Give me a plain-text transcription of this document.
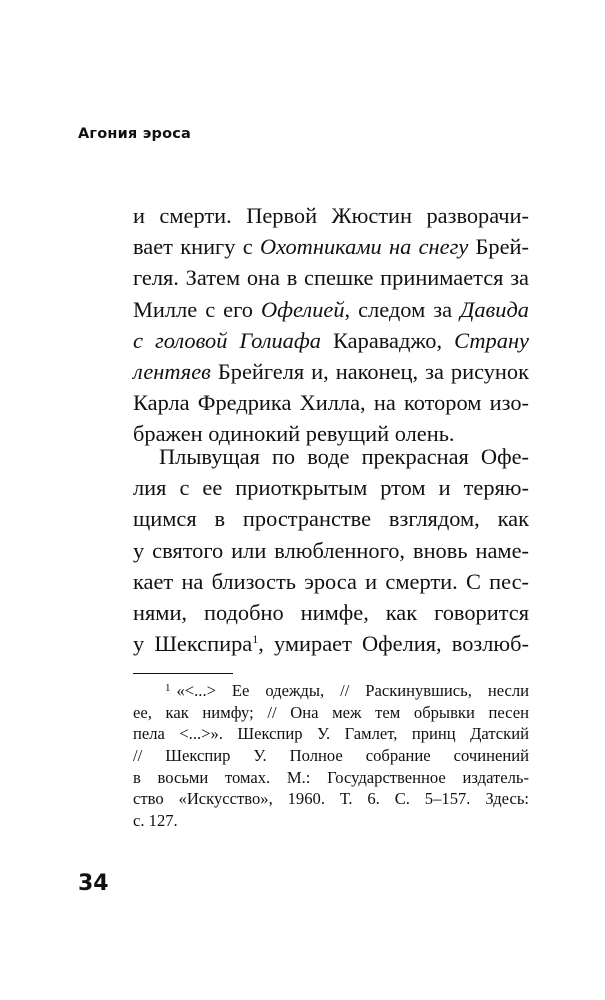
Агония эроса
и смерти. Первой Жюстин разворачи-
вает книгу с Охотниками на снегу Брей-
геля. Затем она в спешке принимается за
Милле с его Офелией, следом за Давида
с головой Голиафа Караваджо, Страну
лентяев Брейгеля и, наконец, за рисунок
Карла Фредрика Хилла, на котором изо-
бражен одинокий ревущий олень.
Плывущая по воде прекрасная Офе-
лия с ее приоткрытым ртом и теряю-
щимся в пространстве взглядом, как
у святого или влюбленного, вновь наме-
кает на близость эроса и смерти. С пес-
нями, подобно нимфе, как говорится
у Шекспира$^1$, умирает Офелия, возлюб-
$^1$ «<...> Ее одежды, // Раскинувшись, несли
ее, как нимфу; // Она меж тем обрывки песен
пела <...>». Шекспир У. Гамлет, принц Датский
// Шекспир У. Полное собрание сочинений
в восьми томах. М.: Государственное издатель-
ство «Искусство», 1960. Т. 6. С. 5–157. Здесь:
с. 127.
34
